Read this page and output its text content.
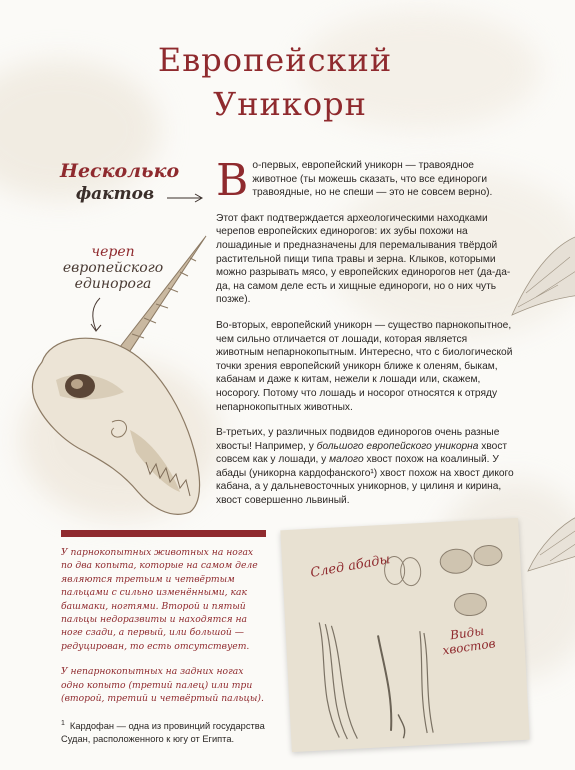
Европейский

Уникорн
Несколько
фактов
череп
европейского
единорога

Во-первых, европейский уникорн — травоядное животное (ты можешь сказать, что все единороги травоядные, но не спеши — это не совсем верно).

Этот факт подтверждается археологическими находками черепов европейских единорогов: их зубы похожи на лошадиные и предназначены для перемалывания твёрдой растительной пищи типа травы и зерна. Клыков, которыми можно разрывать мясо, у европейских единорогов нет (да-да-да, на самом деле есть и хищные единороги, но о них чуть позже).

Во-вторых, европейский уникорн — существо парнокопытное, чем сильно отличается от лошади, которая является животным непарнокопытным. Интересно, что с биологической точки зрения европейский уникорн ближе к оленям, быкам, кабанам и даже к китам, нежели к лошади или, скажем, носорогу. Потому что лошадь и носорог относятся к отряду непарнокопытных животных.

В-третьих, у различных подвидов единорогов очень разные хвосты! Например, у большого европейского уникорна хвост совсем как у лошади, у малого хвост похож на коалиный. У абады (уникорна кардофанского¹) хвост похож на хвост дикого кабана, а у дальневосточных уникорнов, у цилиня и кирина, хвост совершенно львиный.

У парнокопытных животных на ногах по два копыта, которые на самом деле являются третьим и четвёртым пальцами с сильно изменёнными, как башмаки, ногтями. Второй и пятый пальцы недоразвиты и находятся на ноге сзади, а первый, или большой — редуцирован, то есть отсутствует.

У непарнокопытных на задних ногах одно копыто (третий палец) или три (второй, третий и четвёртый пальцы).

$^1$ Кардофан — одна из провинций государства Судан, расположенного к югу от Египта.
След абады
Виды хвостов
